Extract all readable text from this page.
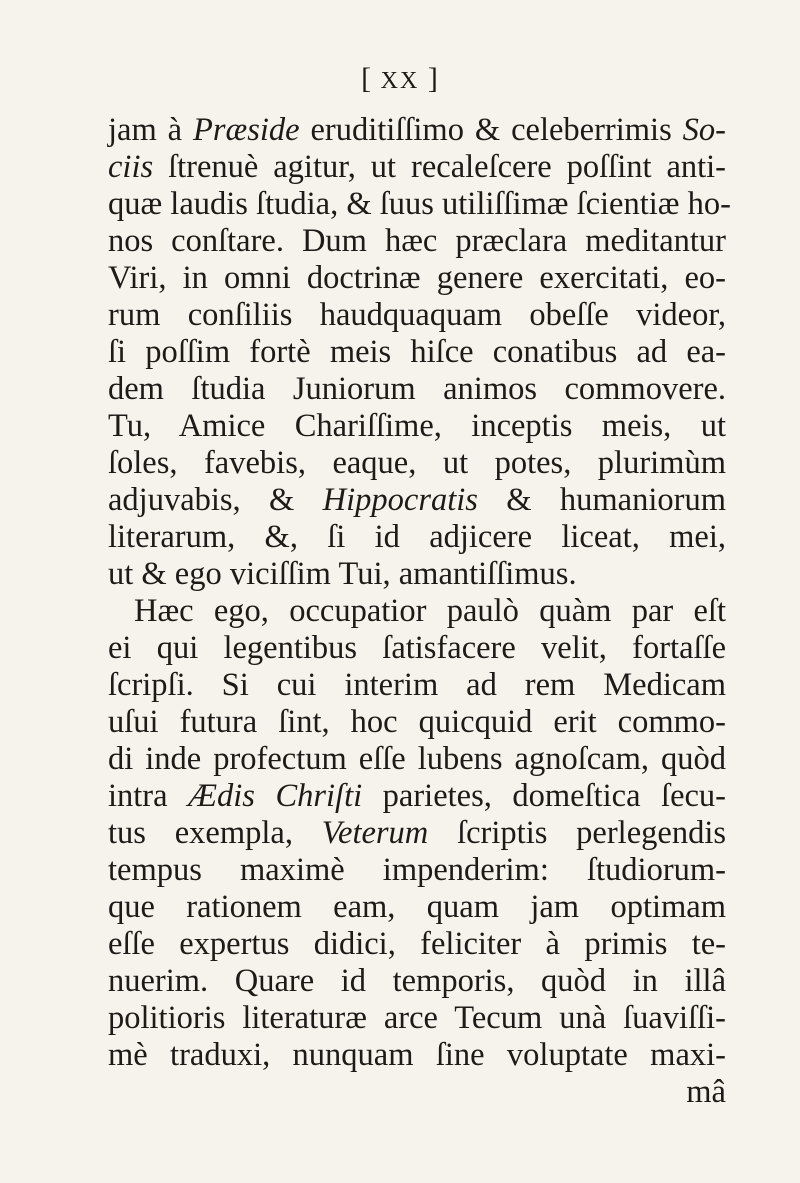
[ XX ]
jam à Præside eruditiſſimo & celeberrimis So-
ciis ſtrenuè agitur, ut recaleſcere poſſint anti-
quæ laudis ſtudia, & ſuus utiliſſimæ ſcientiæ ho-
nos conſtare. Dum hæc præclara meditantur
Viri, in omni doctrinæ genere exercitati, eo-
rum conſiliis haudquaquam obeſſe videor,
ſi poſſim fortè meis hiſce conatibus ad ea-
dem ſtudia Juniorum animos commovere.
Tu, Amice Chariſſime, inceptis meis, ut
ſoles, favebis, eaque, ut potes, plurimùm
adjuvabis, & Hippocratis & humaniorum
literarum, &, ſi id adjicere liceat, mei,
ut & ego viciſſim Tui, amantiſſimus.
Hæc ego, occupatior paulò quàm par eſt
ei qui legentibus ſatisfacere velit, fortaſſe
ſcripſi. Si cui interim ad rem Medicam
uſui futura ſint, hoc quicquid erit commo-
di inde profectum eſſe lubens agnoſcam, quòd
intra Ædis Chriſti parietes, domeſtica ſecu-
tus exempla, Veterum ſcriptis perlegendis
tempus maximè impenderim: ſtudiorum-
que rationem eam, quam jam optimam
eſſe expertus didici, feliciter à primis te-
nuerim. Quare id temporis, quòd in illâ
politioris literaturæ arce Tecum unà ſuaviſſi-
mè traduxi, nunquam ſine voluptate maxi-
mâ
